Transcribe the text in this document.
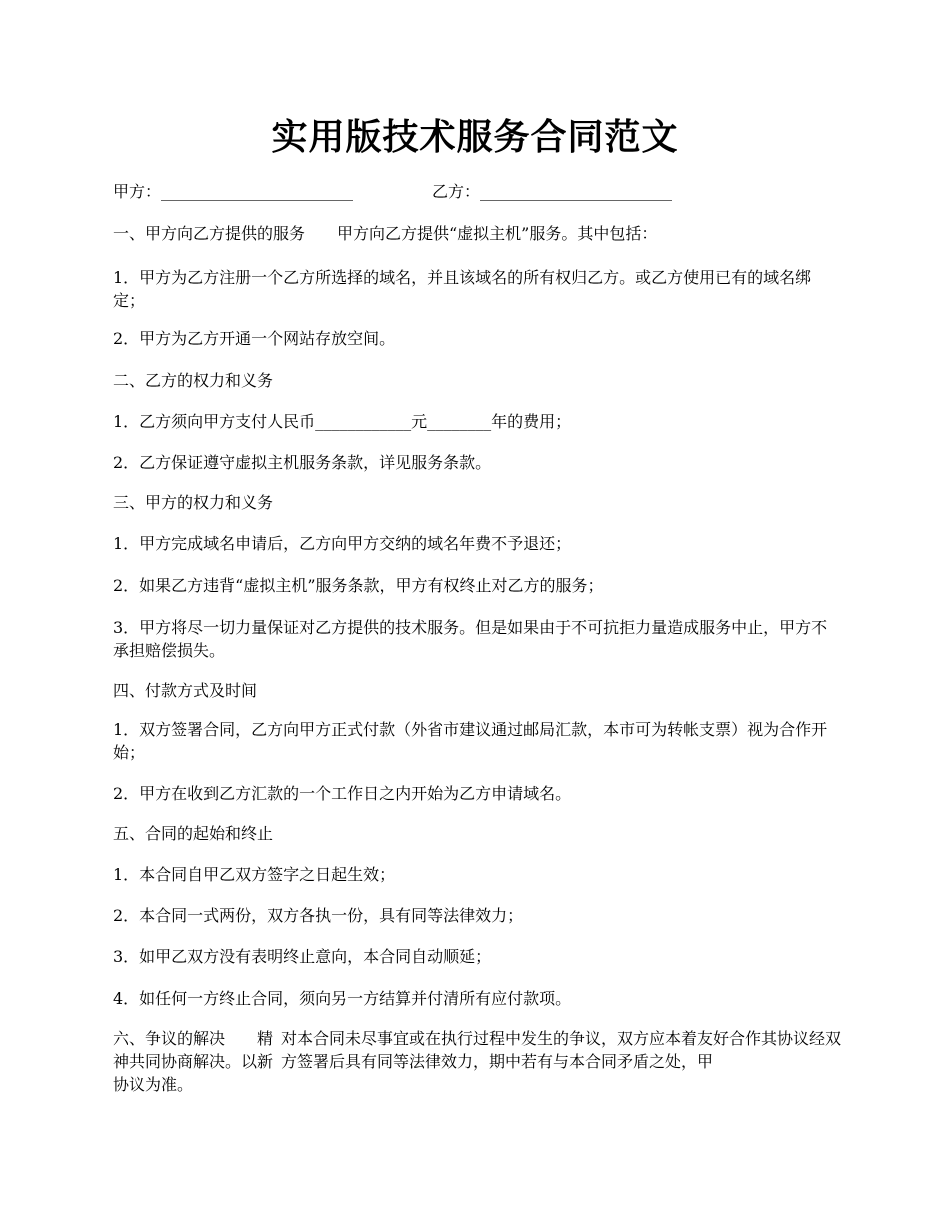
实用版技术服务合同范文
甲方：________________________	乙方：________________________
一、甲方向乙方提供的服务　　甲方向乙方提供“虚拟主机”服务。其中包括：
1．甲方为乙方注册一个乙方所选择的域名，并且该域名的所有权归乙方。或乙方使用已有的域名绑定；
2．甲方为乙方开通一个网站存放空间。
二、乙方的权力和义务
1．乙方须向甲方支付人民币____________元________年的费用；
2．乙方保证遵守虚拟主机服务条款，详见服务条款。
三、甲方的权力和义务
1．甲方完成域名申请后，乙方向甲方交纳的域名年费不予退还；
2．如果乙方违背“虚拟主机”服务条款，甲方有权终止对乙方的服务；
3．甲方将尽一切力量保证对乙方提供的技术服务。但是如果由于不可抗拒力量造成服务中止，甲方不承担赔偿损失。
四、付款方式及时间
1．双方签署合同，乙方向甲方正式付款（外省市建议通过邮局汇款，本市可为转帐支票）视为合作开始；
2．甲方在收到乙方汇款的一个工作日之内开始为乙方申请域名。
五、合同的起始和终止
1．本合同自甲乙双方签字之日起生效；
2．本合同一式两份，双方各执一份，具有同等法律效力；
3．如甲乙双方没有表明终止意向，本合同自动顺延；
4．如任何一方终止合同，须向另一方结算并付清所有应付款项。
六、争议的解决　　精神共同协商解决。以新协议为准。
对本合同未尽事宜或在执行过程中发生的争议，双方应本着友好合作其协议经双方签署后具有同等法律效力，期中若有与本合同矛盾之处，甲
